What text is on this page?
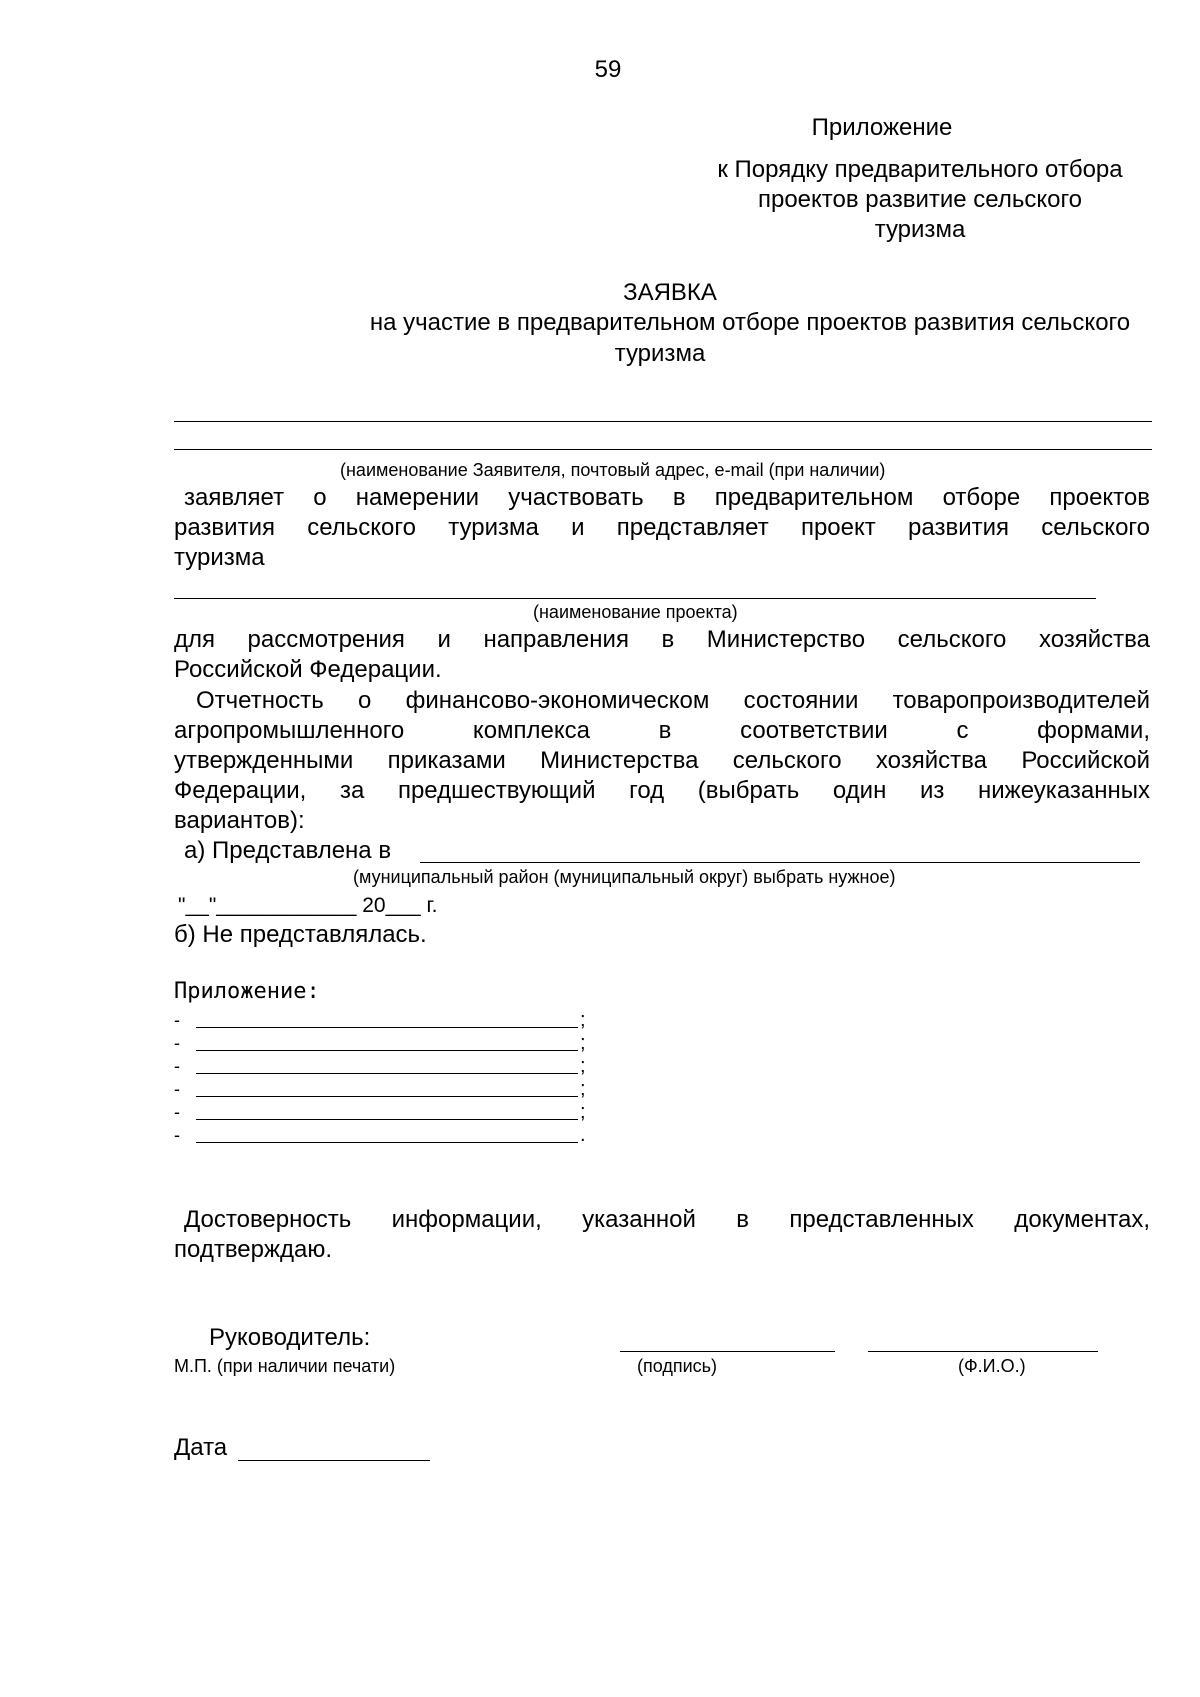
59
Приложение
к Порядку предварительного отбора
проектов развитие сельского
туризма
ЗАЯВКА
на участие в предварительном отборе проектов развития сельского
туризма
(наименование Заявителя, почтовый адрес, e-mail (при наличии)
заявляет о намерении участвовать в предварительном отборе проектов
развития сельского туризма и представляет проект развития сельского
туризма
(наименование проекта)
для рассмотрения и направления в Министерство сельского хозяйства
Российской Федерации.
Отчетность о финансово-экономическом состоянии товаропроизводителей
агропромышленного комплекса в соответствии с формами,
утвержденными приказами Министерства сельского хозяйства Российской
Федерации, за предшествующий год (выбрать один из нижеуказанных
вариантов):
а) Представлена в
(муниципальный район (муниципальный округ) выбрать нужное)
"__"____________ 20___ г.
б) Не представлялась.
Приложение:
-	;
-	;
-	;
-	;
-	;
-	.
Достоверность информации, указанной в представленных документах,
подтверждаю.
Руководитель:
М.П. (при наличии печати)	(подпись)	(Ф.И.О.)
Дата
